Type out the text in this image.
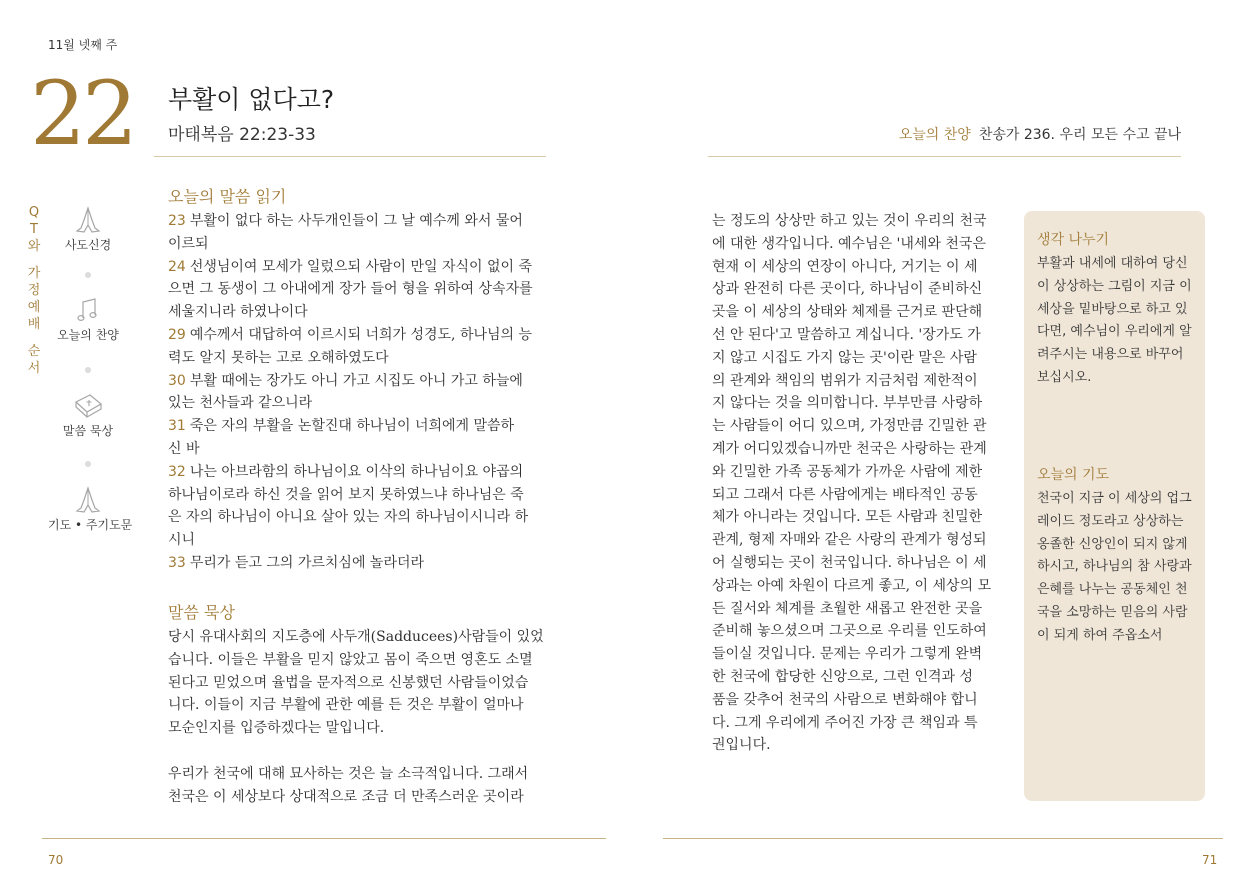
11월 넷째 주
22 부활이 없다고?
마태복음 22:23-33	오늘의 찬양 찬송가 236. 우리 모든 수고 끝나
Q
T
와
가
정
예
배
순
서
사도신경
오늘의 찬양
말씀 묵상
기도 • 주기도문
오늘의 말씀 읽기
23 부활이 없다 하는 사두개인들이 그 날 예수께 와서 물어
이르되
24 선생님이여 모세가 일렀으되 사람이 만일 자식이 없이 죽
으면 그 동생이 그 아내에게 장가 들어 형을 위하여 상속자를
세울지니라 하였나이다
29 예수께서 대답하여 이르시되 너희가 성경도, 하나님의 능
력도 알지 못하는 고로 오해하였도다
30 부활 때에는 장가도 아니 가고 시집도 아니 가고 하늘에
있는 천사들과 같으니라
31 죽은 자의 부활을 논할진대 하나님이 너희에게 말씀하
신 바
32 나는 아브라함의 하나님이요 이삭의 하나님이요 야곱의
하나님이로라 하신 것을 읽어 보지 못하였느냐 하나님은 죽
은 자의 하나님이 아니요 살아 있는 자의 하나님이시니라 하
시니
33 무리가 듣고 그의 가르치심에 놀라더라
말씀 묵상
당시 유대사회의 지도층에 사두개(Sadducees)사람들이 있었
습니다. 이들은 부활을 믿지 않았고 몸이 죽으면 영혼도 소멸
된다고 믿었으며 율법을 문자적으로 신봉했던 사람들이었습
니다. 이들이 지금 부활에 관한 예를 든 것은 부활이 얼마나
모순인지를 입증하겠다는 말입니다.
우리가 천국에 대해 묘사하는 것은 늘 소극적입니다. 그래서
천국은 이 세상보다 상대적으로 조금 더 만족스러운 곳이라
는 정도의 상상만 하고 있는 것이 우리의 천국
에 대한 생각입니다. 예수님은 '내세와 천국은
현재 이 세상의 연장이 아니다, 거기는 이 세
상과 완전히 다른 곳이다, 하나님이 준비하신
곳을 이 세상의 상태와 체제를 근거로 판단해
선 안 된다'고 말씀하고 계십니다. '장가도 가
지 않고 시집도 가지 않는 곳'이란 말은 사람
의 관계와 책임의 범위가 지금처럼 제한적이
지 않다는 것을 의미합니다. 부부만큼 사랑하
는 사람들이 어디 있으며, 가정만큼 긴밀한 관
계가 어디있겠습니까만 천국은 사랑하는 관계
와 긴밀한 가족 공동체가 가까운 사람에 제한
되고 그래서 다른 사람에게는 배타적인 공동
체가 아니라는 것입니다. 모든 사람과 친밀한
관계, 형제 자매와 같은 사랑의 관계가 형성되
어 실행되는 곳이 천국입니다. 하나님은 이 세
상과는 아예 차원이 다르게 좋고, 이 세상의 모
든 질서와 체계를 초월한 새롭고 완전한 곳을
준비해 놓으셨으며 그곳으로 우리를 인도하여
들이실 것입니다. 문제는 우리가 그렇게 완벽
한 천국에 합당한 신앙으로, 그런 인격과 성
품을 갖추어 천국의 사람으로 변화해야 합니
다. 그게 우리에게 주어진 가장 큰 책임과 특
권입니다.
생각 나누기
부활과 내세에 대하여 당신
이 상상하는 그림이 지금 이
세상을 밑바탕으로 하고 있
다면, 예수님이 우리에게 알
려주시는 내용으로 바꾸어
보십시오.
오늘의 기도
천국이 지금 이 세상의 업그
레이드 정도라고 상상하는
옹졸한 신앙인이 되지 않게
하시고, 하나님의 참 사랑과
은혜를 나누는 공동체인 천
국을 소망하는 믿음의 사람
이 되게 하여 주옵소서
70	71
